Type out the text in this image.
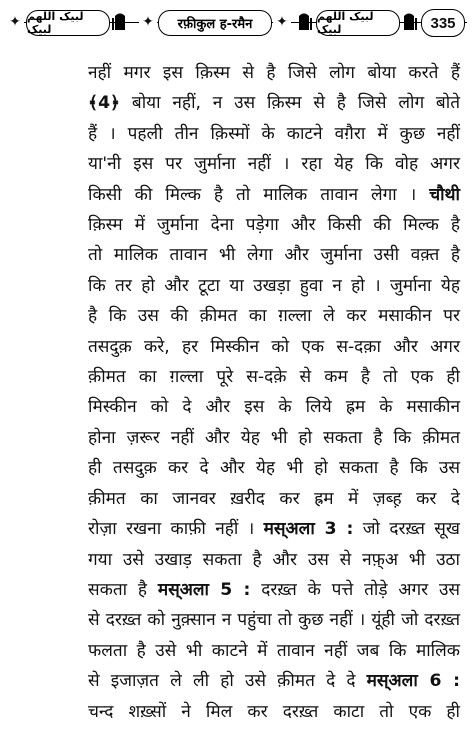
✦ لبیک اللھم لبیک	✦	रफ़ीकुल ह-रमैन	✦	لبیک اللھم لبیک	335
नहीं मगर इस क़िस्म से है जिसे लोग बोया करते हैं
﴾4﴿ बोया नहीं, न उस क़िस्म से है जिसे लोग बोते
हैं । पहली तीन क़िस्मों के काटने वग़ैरा में कुछ नहीं
या'नी इस पर जुर्माना नहीं । रहा येह कि वोह अगर
किसी की मिल्क है तो मालिक तावान लेगा । चौथी
क़िस्म में जुर्माना देना पड़ेगा और किसी की मिल्क है
तो मालिक तावान भी लेगा और जुर्माना उसी वक़्त है
कि तर हो और टूटा या उखड़ा हुवा न हो । जुर्माना येह
है कि उस की क़ीमत का ग़ल्ला ले कर मसाकीन पर
तसदुक़ करे, हर मिस्कीन को एक स-दक़ा और अगर
क़ीमत का ग़ल्ला पूरे स-दक़े से कम है तो एक ही
मिस्कीन को दे और इस के लिये ह्रम के मसाकीन
होना ज़रूर नहीं और येह भी हो सकता है कि क़ीमत
ही तसदुक़ कर दे और येह भी हो सकता है कि उस
क़ीमत का जानवर ख़रीद कर ह्रम में ज़ब्ह़ कर दे
रोज़ा रखना काफ़ी नहीं । मस्अला 3 : जो दरख़्त सूख
गया उसे उखाड़ सकता है और उस से नफ़्अ भी उठा
सकता है मस्अला 5 : दरख़्त के पत्ते तोड़े अगर उस
से दरख़्त को नुक़्सान न पहुंचा तो कुछ नहीं । यूंही जो दरख़्त
फलता है उसे भी काटने में तावान नहीं जब कि मालिक
से इजाज़त ले ली हो उसे क़ीमत दे दे मस्अला 6 :
चन्द शख़्सों ने मिल कर दरख़्त काटा तो एक ही
